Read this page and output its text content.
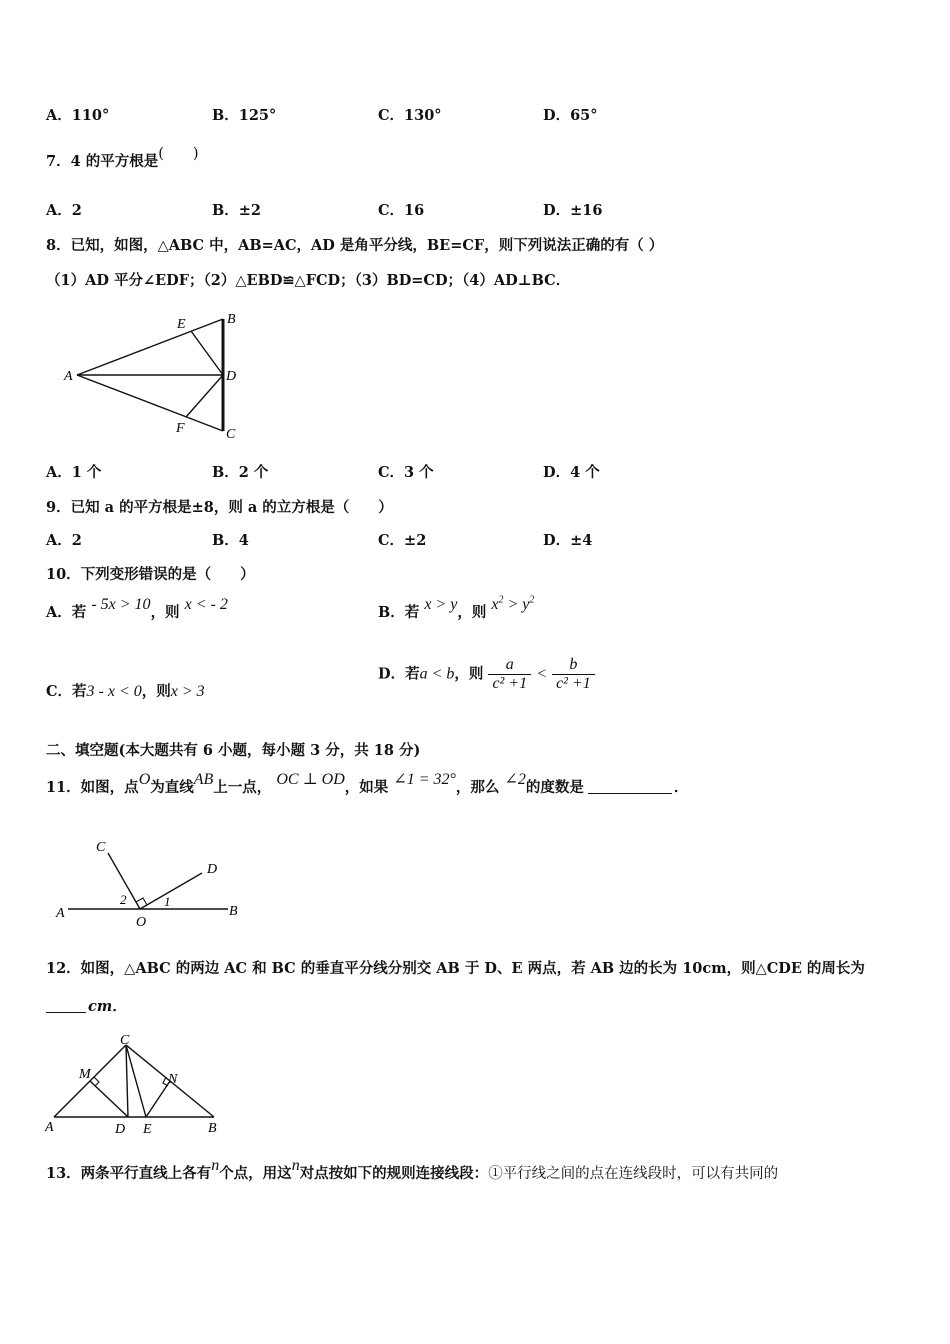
A．110°	B．125°	C．130°	D．65°
7．4 的平方根是(　　)
A．2	B．±2	C．16	D．±16
8．已知，如图，△ABC 中，AB=AC，AD 是角平分线，BE=CF，则下列说法正确的有（ ）
（1）AD 平分∠EDF；（2）△EBD≌△FCD；（3）BD=CD；（4）AD⊥BC．
A
B
C
D
E
F
A．1 个	B．2 个	C．3 个	D．4 个
9．已知 a 的平方根是±8，则 a 的立方根是（　　）
A．2	B．4	C．±2	D．±4
10．下列变形错误的是（　　）
A．若 - 5x > 10，则 x < - 2	B．若 x > y，则 $x^2 > y^2$
C．若3 - x < 0，则x > 3
D．若a < b，则 $\frac{a}{\text{c² +1}} < \frac{b}{\text{c² +1}}$
二、填空题(本大题共有 6 小题，每小题 3 分，共 18 分)
11．如图，点O为直线AB上一点， OC ⊥ OD，如果 ∠1 = 32°，那么 ∠2的度数是	．
A	B
C
D
O
1
2
12．如图，△ABC 的两边 AC 和 BC 的垂直平分线分别交 AB 于 D、E 两点，若 AB 边的长为 10cm，则△CDE 的周长为
cm．
A	B
C
D E
M	N
13．两条平行直线上各有n个点，用这n对点按如下的规则连接线段：①平行线之间的点在连线段时，可以有共同的
